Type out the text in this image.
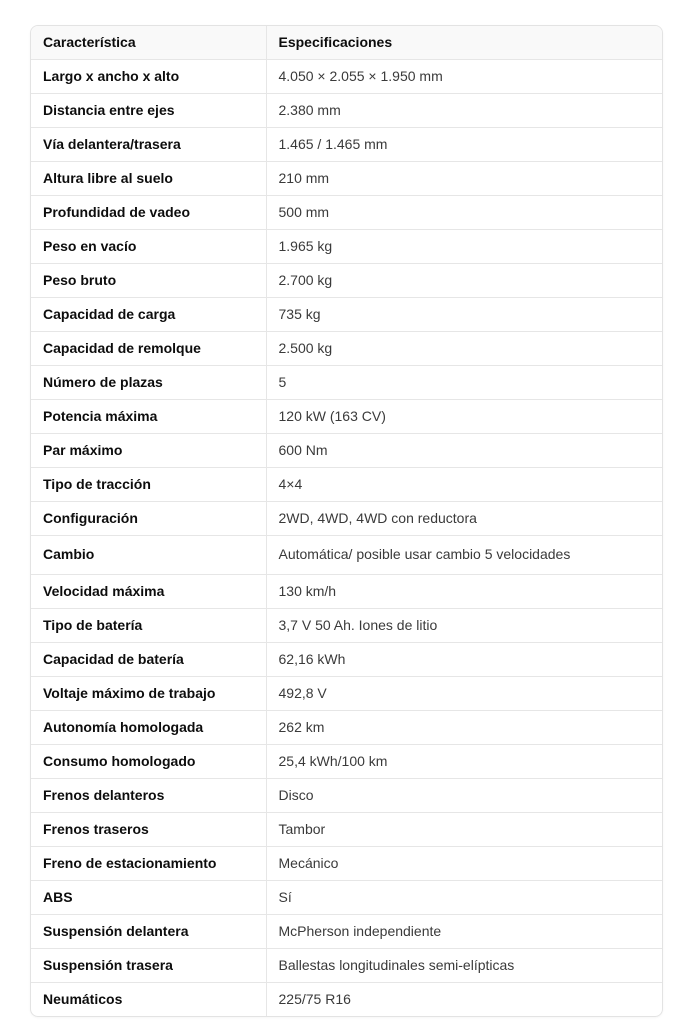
Característica	Especificaciones
Largo x ancho x alto	4.050 × 2.055 × 1.950 mm
Distancia entre ejes	2.380 mm
Vía delantera/trasera	1.465 / 1.465 mm
Altura libre al suelo	210 mm
Profundidad de vadeo	500 mm
Peso en vacío	1.965 kg
Peso bruto	2.700 kg
Capacidad de carga	735 kg
Capacidad de remolque	2.500 kg
Número de plazas	5
Potencia máxima	120 kW (163 CV)
Par máximo	600 Nm
Tipo de tracción	4×4
Configuración	2WD, 4WD, 4WD con reductora
Cambio	Automática/ posible usar cambio 5 velocidades
Velocidad máxima	130 km/h
Tipo de batería	3,7 V 50 Ah. Iones de litio
Capacidad de batería	62,16 kWh
Voltaje máximo de trabajo	492,8 V
Autonomía homologada	262 km
Consumo homologado	25,4 kWh/100 km
Frenos delanteros	Disco
Frenos traseros	Tambor
Freno de estacionamiento	Mecánico
ABS	Sí
Suspensión delantera	McPherson independiente
Suspensión trasera	Ballestas longitudinales semi-elípticas
Neumáticos	225/75 R16
